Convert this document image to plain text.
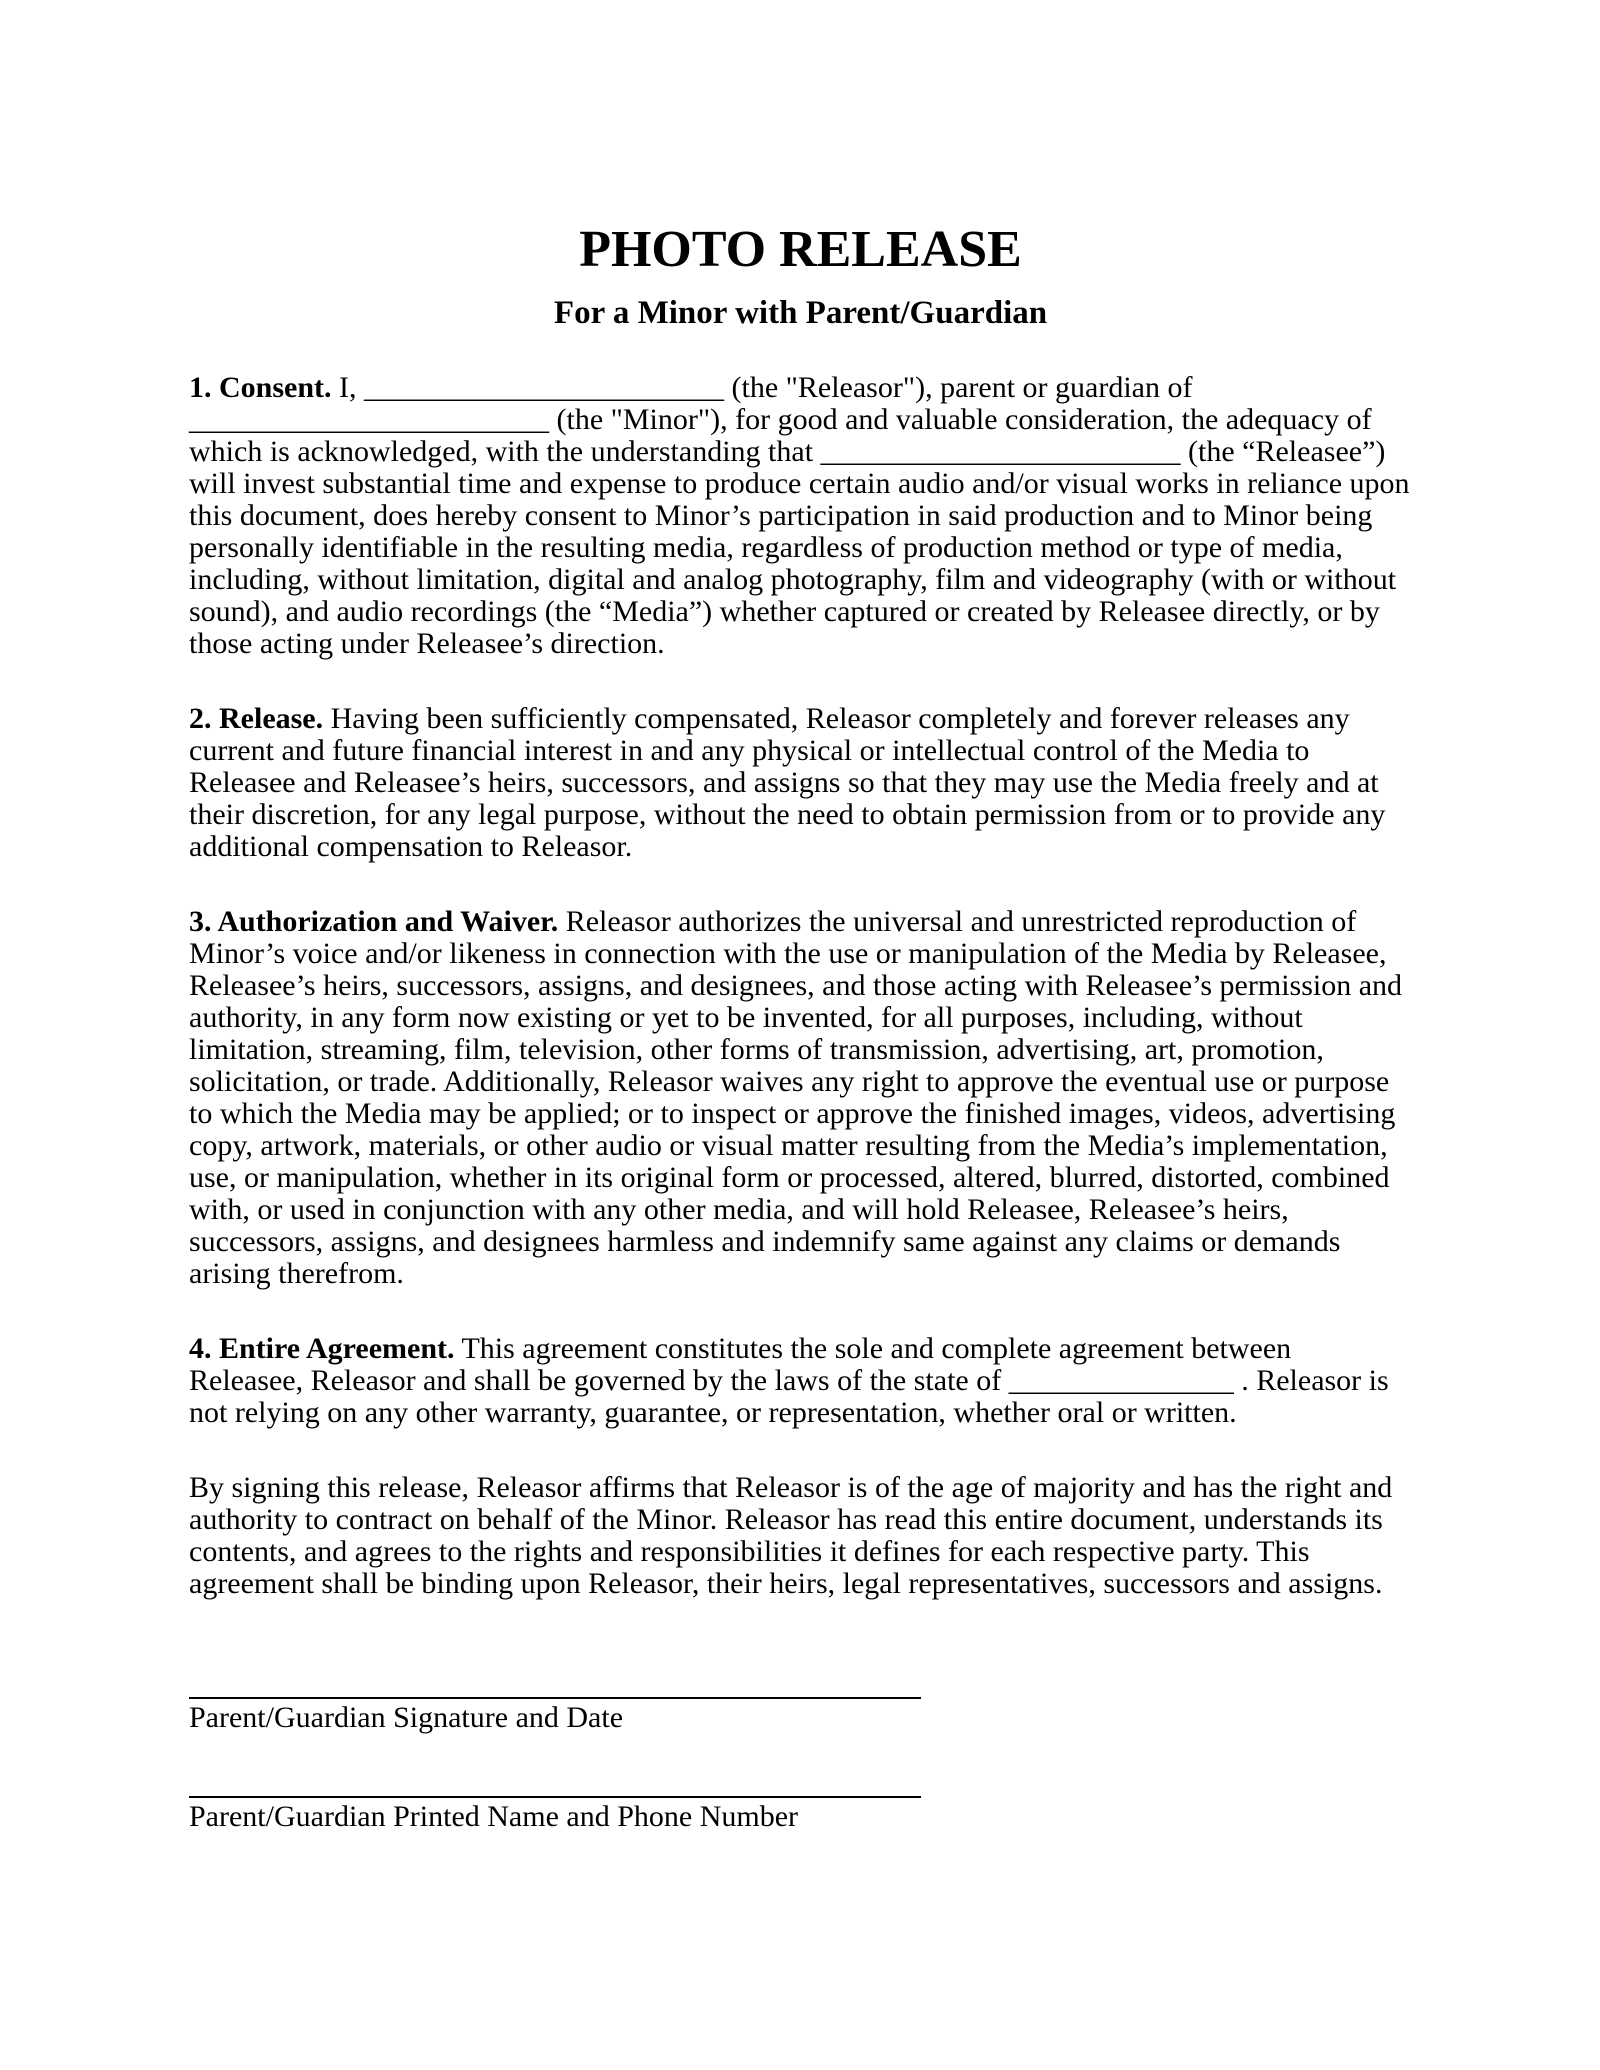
PHOTO RELEASE
For a Minor with Parent/Guardian

1. Consent. I, ________________________ (the "Releasor"), parent or guardian of ________________________ (the "Minor"), for good and valuable consideration, the adequacy of which is acknowledged, with the understanding that ________________________ (the “Releasee”) will invest substantial time and expense to produce certain audio and/or visual works in reliance upon this document, does hereby consent to Minor’s participation in said production and to Minor being personally identifiable in the resulting media, regardless of production method or type of media, including, without limitation, digital and analog photography, film and videography (with or without sound), and audio recordings (the “Media”) whether captured or created by Releasee directly, or by those acting under Releasee’s direction.

2. Release. Having been sufficiently compensated, Releasor completely and forever releases any current and future financial interest in and any physical or intellectual control of the Media to Releasee and Releasee’s heirs, successors, and assigns so that they may use the Media freely and at their discretion, for any legal purpose, without the need to obtain permission from or to provide any additional compensation to Releasor.

3. Authorization and Waiver. Releasor authorizes the universal and unrestricted reproduction of Minor’s voice and/or likeness in connection with the use or manipulation of the Media by Releasee, Releasee’s heirs, successors, assigns, and designees, and those acting with Releasee’s permission and authority, in any form now existing or yet to be invented, for all purposes, including, without limitation, streaming, film, television, other forms of transmission, advertising, art, promotion, solicitation, or trade. Additionally, Releasor waives any right to approve the eventual use or purpose to which the Media may be applied; or to inspect or approve the finished images, videos, advertising copy, artwork, materials, or other audio or visual matter resulting from the Media’s implementation, use, or manipulation, whether in its original form or processed, altered, blurred, distorted, combined with, or used in conjunction with any other media, and will hold Releasee, Releasee’s heirs, successors, assigns, and designees harmless and indemnify same against any claims or demands arising therefrom.

4. Entire Agreement. This agreement constitutes the sole and complete agreement between Releasee, Releasor and shall be governed by the laws of the state of _______________ . Releasor is not relying on any other warranty, guarantee, or representation, whether oral or written.

By signing this release, Releasor affirms that Releasor is of the age of majority and has the right and authority to contract on behalf of the Minor. Releasor has read this entire document, understands its contents, and agrees to the rights and responsibilities it defines for each respective party. This agreement shall be binding upon Releasor, their heirs, legal representatives, successors and assigns.

Parent/Guardian Signature and Date

Parent/Guardian Printed Name and Phone Number
